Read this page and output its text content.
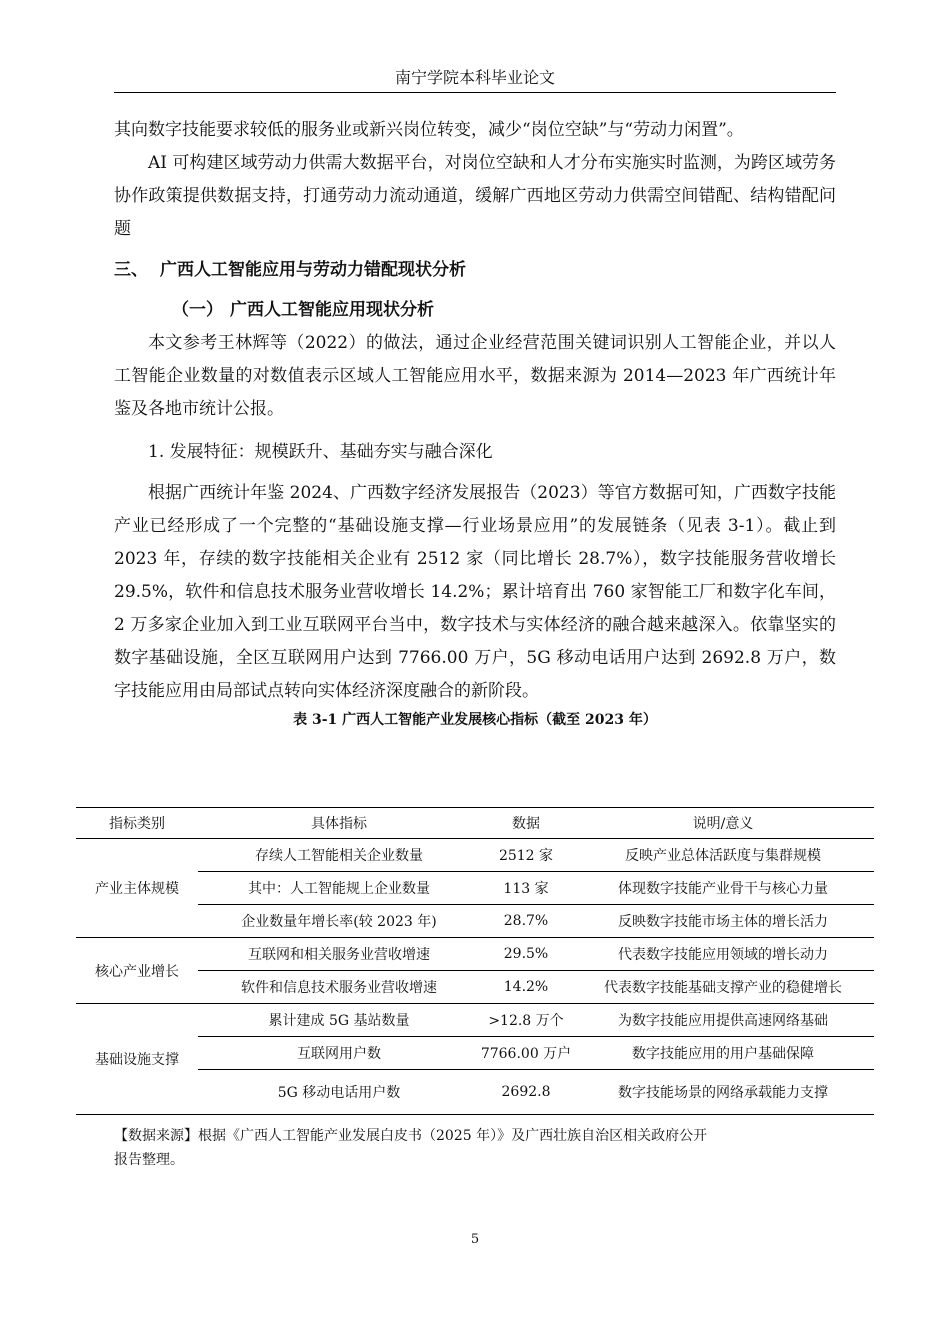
南宁学院本科毕业论文

其向数字技能要求较低的服务业或新兴岗位转变，减少“岗位空缺”与“劳动力闲置”。

AI 可构建区域劳动力供需大数据平台，对岗位空缺和人才分布实施实时监测，为跨区域劳务协作政策提供数据支持，打通劳动力流动通道，缓解广西地区劳动力供需空间错配、结构错配问题

三、 广西人工智能应用与劳动力错配现状分析
（一） 广西人工智能应用现状分析

本文参考王林辉等（2022）的做法，通过企业经营范围关键词识别人工智能企业，并以人工智能企业数量的对数值表示区域人工智能应用水平，数据来源为 2014—2023 年广西统计年鉴及各地市统计公报。

1. 发展特征：规模跃升、基础夯实与融合深化

根据广西统计年鉴 2024、广西数字经济发展报告（2023）等官方数据可知，广西数字技能产业已经形成了一个完整的“基础设施支撑—行业场景应用”的发展链条（见表 3-1）。截止到 2023 年，存续的数字技能相关企业有 2512 家（同比增长 28.7%），数字技能服务营收增长 29.5%，软件和信息技术服务业营收增长 14.2%；累计培育出 760 家智能工厂和数字化车间，2 万多家企业加入到工业互联网平台当中，数字技术与实体经济的融合越来越深入。依靠坚实的数字基础设施，全区互联网用户达到 7766.00 万户，5G 移动电话用户达到 2692.8 万户，数字技能应用由局部试点转向实体经济深度融合的新阶段。

表 3-1 广西人工智能产业发展核心指标（截至 2023 年）
指标类别	具体指标	数据	说明/意义
产业主体规模	存续人工智能相关企业数量	2512 家	反映产业总体活跃度与集群规模
	其中：人工智能规上企业数量	113 家	体现数字技能产业骨干与核心力量
	企业数量年增长率(较 2023 年)	28.7%	反映数字技能市场主体的增长活力
核心产业增长	互联网和相关服务业营收增速	29.5%	代表数字技能应用领域的增长动力
	软件和信息技术服务业营收增速	14.2%	代表数字技能基础支撑产业的稳健增长
基础设施支撑	累计建成 5G 基站数量	>12.8 万个	为数字技能应用提供高速网络基础
	互联网用户数	7766.00 万户	数字技能应用的用户基础保障
	5G 移动电话用户数	2692.8	数字技能场景的网络承载能力支撑
【数据来源】根据《广西人工智能产业发展白皮书（2025 年）》及广西壮族自治区相关政府公开
报告整理。
5
